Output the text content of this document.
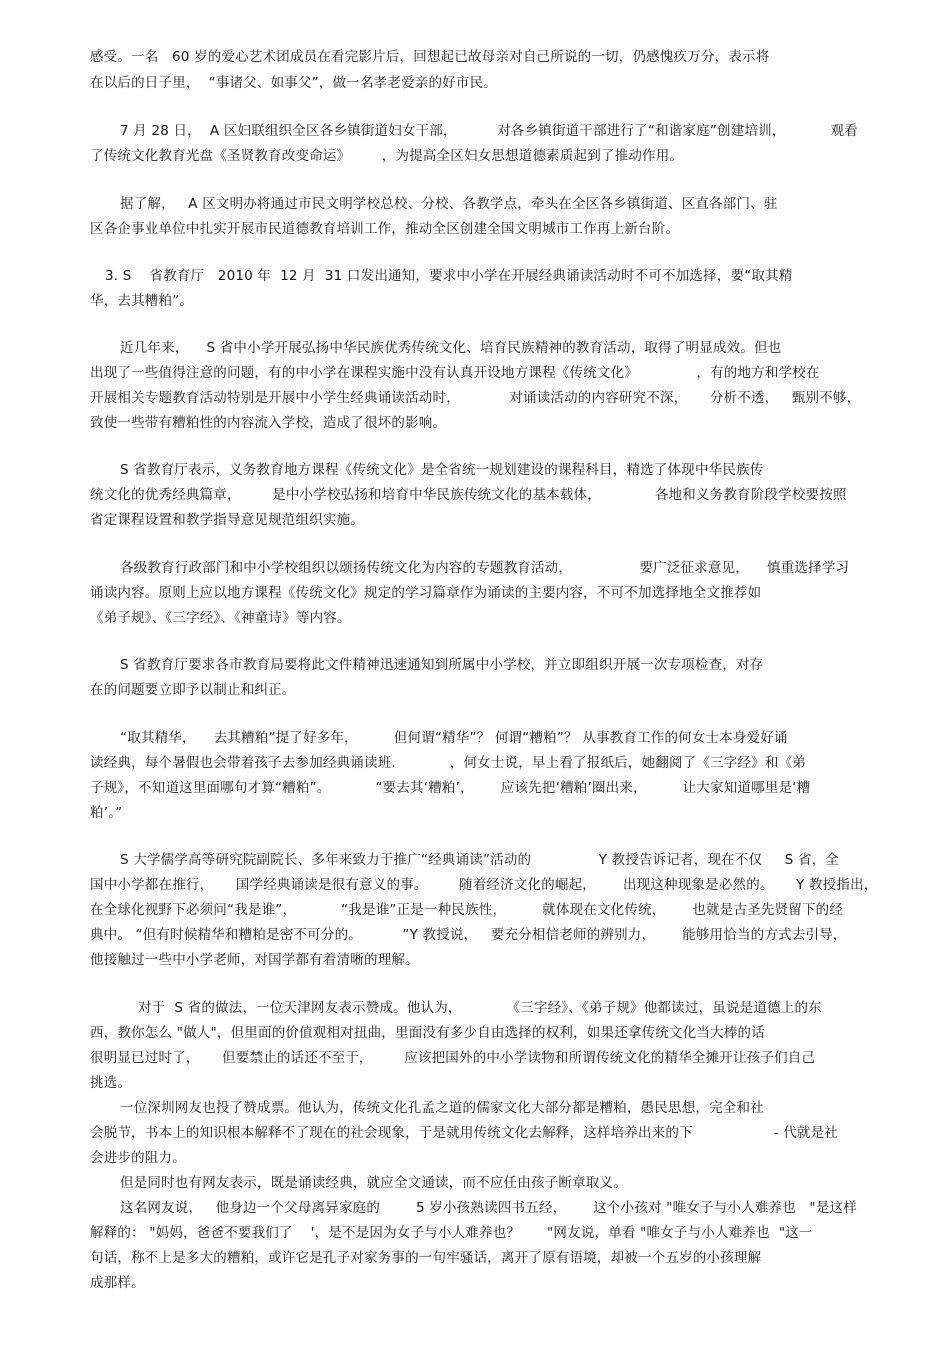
感受。一名   60 岁的爱心艺术团成员在看完影片后，回想起已故母亲对自己所说的一切，仍感愧疚万分，表示将
在以后的日子里，  “事诸父、如事父”，做一名孝老爱亲的好市民。
7 月 28 日，  A 区妇联组织全区各乡镇街道妇女干部，         对各乡镇街道干部进行了“和谐家庭”创建培训，          观看
了传统文化教育光盘《圣贤教育改变命运》       ，为提高全区妇女思想道德素质起到了推动作用。
据了解，   A 区文明办将通过市民文明学校总校、分校、各教学点，牵头在全区各乡镇街道、区直各部门、驻
区各企事业单位中扎实开展市民道德教育培训工作，推动全区创建全国文明城市工作再上新台阶。
3. S    省教育厅   2010 年  12 月  31 口发出通知，要求中小学在开展经典诵读活动时不可不加选择，要“取其精
华，去其糟粕”。
近几年来，    S 省中小学开展弘扬中华民族优秀传统文化、培育民族精神的教育活动，取得了明显成效。但也
出现了一些值得注意的问题，有的中小学在课程实施中没有认真开设地方课程《传统文化》             ，有的地方和学校在
开展相关专题教育活动特别是开展中小学生经典诵读活动时，           对诵读活动的内容研究不深，     分析不透，   甄别不够，
致使一些带有糟粕性的内容流入学校，造成了很坏的影响。
S 省教育厅表示，义务教育地方课程《传统文化》是全省统一规划建设的课程科目，精选了体现中华民族传
统文化的优秀经典篇章，       是中小学校弘扬和培育中华民族传统文化的基本载体，            各地和义务教育阶段学校要按照
省定课程设置和教学指导意见规范组织实施。
各级教育行政部门和中小学校组织以颂扬传统文化为内容的专题教育活动，               要广泛征求意见，    慎重选择学习
诵读内容。原则上应以地方课程《传统文化》规定的学习篇章作为诵读的主要内容，不可不加选择地全文推荐如
《弟子规》、《三字经》、《神童诗》等内容。
S 省教育厅要求各市教育局要将此文件精神迅速通知到所属中小学校，并立即组织开展一次专项检查，对存
在的问题要立即予以制止和纠正。
“取其精华，    去其糟粕”提了好多年，        但何谓“精华”？ 何谓“糟粕”？ 从事教育工作的何女士本身爱好诵
读经典，每个暑假也会带着孩子去参加经典诵读班.            ，何女士说，早上看了报纸后，她翻阅了《三字经》和《弟
子规》，不知道这里面哪句才算“糟粕”。          “要去其‘糟粕’，      应该先把‘糟粕’圈出来，        让大家知道哪里是‘糟
粕’。”
S 大学儒学高等研究院副院长、多年来致力于推广“经典诵读”活动的               Y 教授告诉记者，现在不仅     S 省，全
国中小学都在推行，     国学经典诵读是很有意义的事。       随着经济文化的崛起，      出现这种现象是必然的。     Y 教授指出，
在全球化视野下必须问“我是谁”，          “我是谁”正是一种民族性，        就体现在文化传统，      也就是古圣先贤留下的经
典中。 “但有时候精华和糟粕是密不可分的。         ”Y 教授说，   要充分相信老师的辨别力，      能够用恰当的方式去引导，
他接触过一些中小学老师，对国学都有着清晰的理解。
对于  S 省的做法，一位天津网友表示赞成。他认为，          《三字经》、《弟子规》他都读过，虽说是道德上的东
西，教你怎么 "做人"，但里面的价值观相对扭曲，里面没有多少自由选择的权利，如果还拿传统文化当大棒的话
很明显已过时了，     但要禁止的话还不至于，       应该把国外的中小学读物和所谓传统文化的精华全摊开让孩子们自己
挑选。
一位深圳网友也投了赞成票。他认为，传统文化孔孟之道的儒家文化大部分都是糟粕，愚民思想，完全和社
会脱节，书本上的知识根本解释不了现在的社会现象，于是就用传统文化去解释，这样培养出来的下                  - 代就是社
会进步的阻力。
但是同时也有网友表示，既是诵读经典，就应全文通读，而不应任由孩子断章取义。
这名网友说，   他身边一个父母离异家庭的        5 岁小孩熟读四书五经，      这个小孩对 "唯女子与小人难养也   "是这样
解释的： "妈妈，爸爸不要我们了    '，是不是因为女子与小人难养也？      "网友说，单看 "唯女子与小人难养也  "这一
句话，称不上是多大的糟粕，或许它是孔子对家务事的一句牢骚话，离开了原有语境，却被一个五岁的小孩理解
成那样。
